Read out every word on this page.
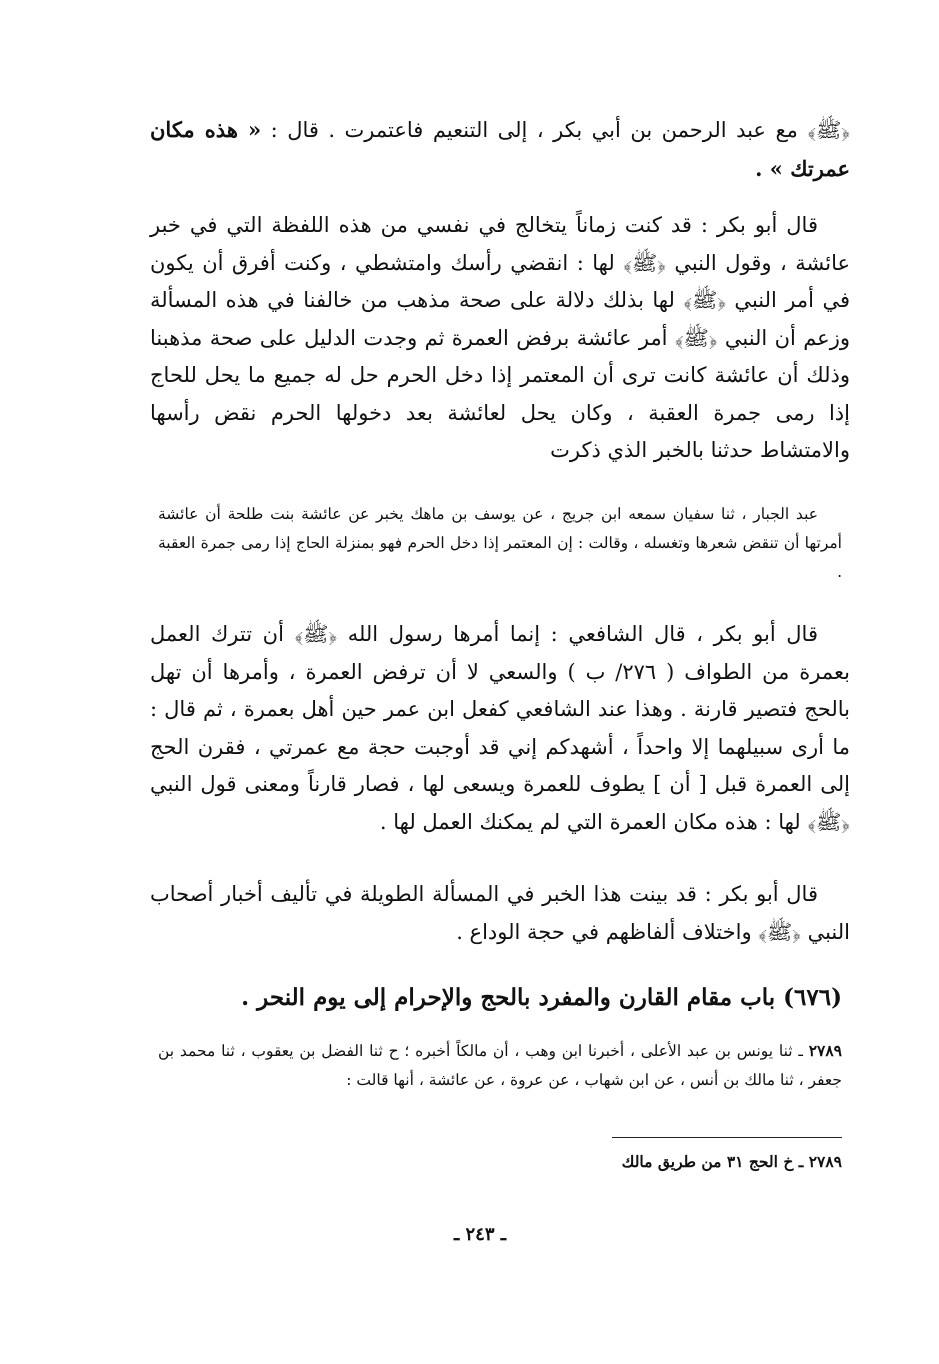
﴿ﷺ﴾ مع عبد الرحمن بن أبي بكر ، إلى التنعيم فاعتمرت . قال : « هذه مكان عمرتك » .
قال أبو بكر : قد كنت زماناً يتخالج في نفسي من هذه اللفظة التي في خبر عائشة ، وقول النبي ﴿ﷺ﴾ لها : انقضي رأسك وامتشطي ، وكنت أفرق أن يكون في أمر النبي ﴿ﷺ﴾ لها بذلك دلالة على صحة مذهب من خالفنا في هذه المسألة وزعم أن النبي ﴿ﷺ﴾ أمر عائشة برفض العمرة ثم وجدت الدليل على صحة مذهبنا وذلك أن عائشة كانت ترى أن المعتمر إذا دخل الحرم حل له جميع ما يحل للحاج إذا رمى جمرة العقبة ، وكان يحل لعائشة بعد دخولها الحرم نقض رأسها والامتشاط حدثنا بالخبر الذي ذكرت
عبد الجبار ، ثنا سفيان سمعه ابن جريج ، عن يوسف بن ماهك يخبر عن عائشة بنت طلحة أن عائشة أمرتها أن تنقض شعرها وتغسله ، وقالت : إن المعتمر إذا دخل الحرم فهو بمنزلة الحاج إذا رمى جمرة العقبة .
قال أبو بكر ، قال الشافعي : إنما أمرها رسول الله ﴿ﷺ﴾ أن تترك العمل بعمرة من الطواف ( ٢٧٦/ ب ) والسعي لا أن ترفض العمرة ، وأمرها أن تهل بالحج فتصير قارنة . وهذا عند الشافعي كفعل ابن عمر حين أهل بعمرة ، ثم قال : ما أرى سبيلهما إلا واحداً ، أشهدكم إني قد أوجبت حجة مع عمرتي ، فقرن الحج إلى العمرة قبل [ أن ] يطوف للعمرة ويسعى لها ، فصار قارناً ومعنى قول النبي ﴿ﷺ﴾ لها : هذه مكان العمرة التي لم يمكنك العمل لها .
قال أبو بكر : قد بينت هذا الخبر في المسألة الطويلة في تأليف أخبار أصحاب النبي ﴿ﷺ﴾ واختلاف ألفاظهم في حجة الوداع .
(٦٧٦) باب مقام القارن والمفرد بالحج والإحرام إلى يوم النحر .
٢٧٨٩ ـ ثنا يونس بن عبد الأعلى ، أخبرنا ابن وهب ، أن مالكاً أخبره ؛ ح ثنا الفضل بن يعقوب ، ثنا محمد بن جعفر ، ثنا مالك بن أنس ، عن ابن شهاب ، عن عروة ، عن عائشة ، أنها قالت :
٢٧٨٩ ـ خ الحج ٣١ من طريق مالك
ـ ٢٤٣ ـ
